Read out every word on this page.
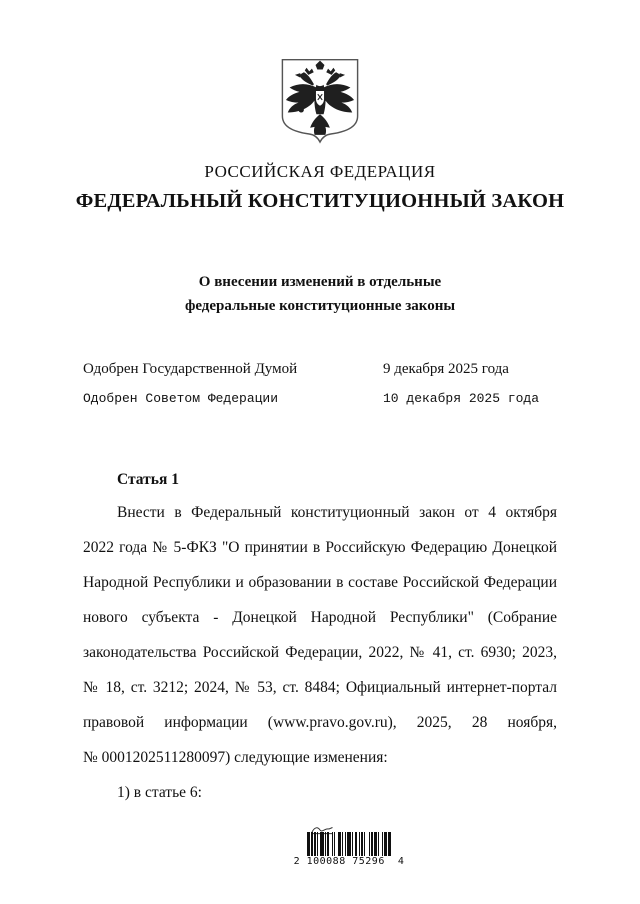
РОССИЙСКАЯ ФЕДЕРАЦИЯ
ФЕДЕРАЛЬНЫЙ КОНСТИТУЦИОННЫЙ ЗАКОН
О внесении изменений в отдельные
федеральные конституционные законы
Одобрен Государственной Думой	9 декабря 2025 года
Одобрен Советом Федерации	10 декабря 2025 года
Статья 1
Внести в Федеральный конституционный закон от 4 октября
2022 года № 5-ФКЗ "О принятии в Российскую Федерацию Донецкой
Народной Республики и образовании в составе Российской Федерации
нового субъекта - Донецкой Народной Республики" (Собрание
законодательства Российской Федерации, 2022, № 41, ст. 6930; 2023,
№ 18, ст. 3212; 2024, № 53, ст. 8484; Официальный интернет-портал
правовой информации (www.pravo.gov.ru), 2025, 28 ноября,
№ 0001202511280097) следующие изменения:
1) в статье 6:
2 100088 75296  4
